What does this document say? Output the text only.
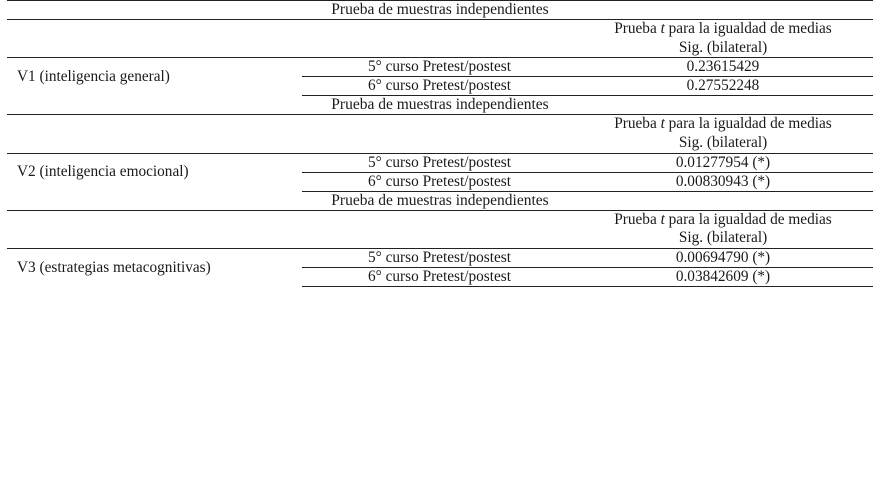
Prueba de muestras independientes		

		Prueba t para la igualdad de medias
Sig. (bilateral)

V1 (inteligencia general)	5° curso Pretest/postest	0.23615429
	6° curso Pretest/postest	0.27552248
Prueba de muestras independientes		

		Prueba t para la igualdad de medias
Sig. (bilateral)

V2 (inteligencia emocional)	5° curso Pretest/postest	0.01277954 (*)
	6° curso Pretest/postest	0.00830943 (*)
Prueba de muestras independientes		

		Prueba t para la igualdad de medias
Sig. (bilateral)

V3 (estrategias metacognitivas)	5° curso Pretest/postest	0.00694790 (*)
	6° curso Pretest/postest	0.03842609 (*)
